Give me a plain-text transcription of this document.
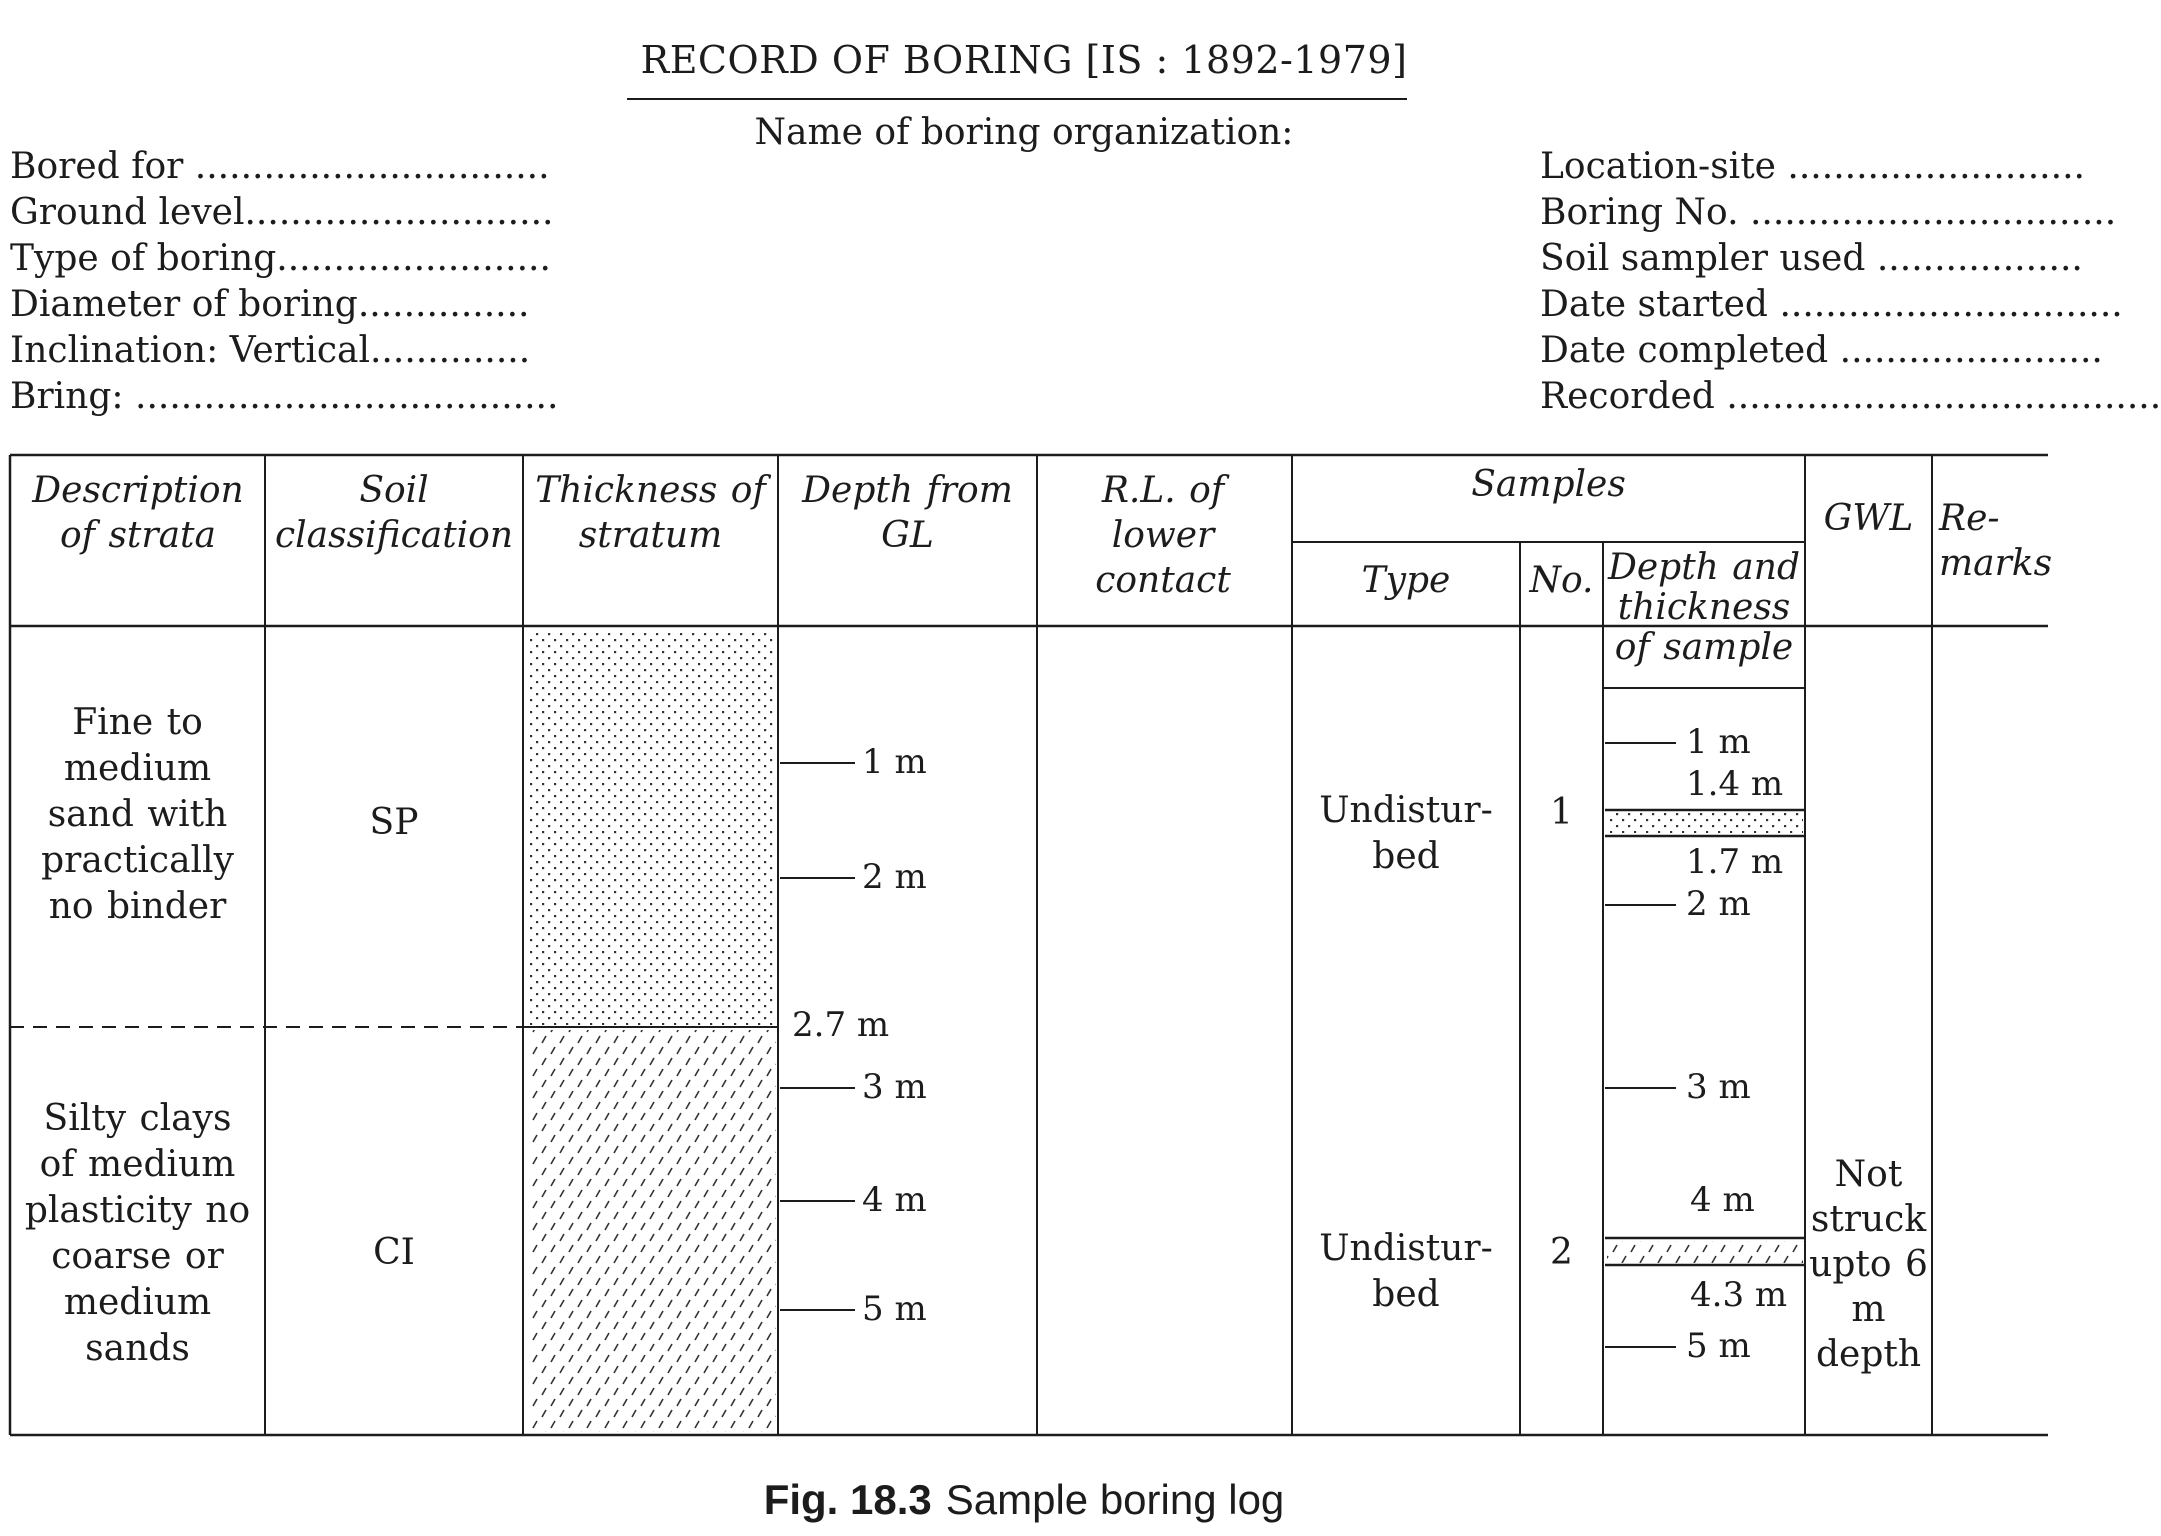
RECORD OF BORING [IS : 1892-1979]
Name of boring organization:
Bored for ...............................
Ground level...........................
Type of boring........................
Diameter of boring...............
Inclination: Vertical..............
Bring: .....................................
Location-site ..........................
Boring No. ................................
Soil sampler used ..................
Date started ..............................
Date completed .......................
Recorded ......................................
Description of strata
Soil classification
Thickness of stratum
Depth from GL
R.L. of lower contact
Samples
Type	No. Depth and thickness of sample
GWL Re- marks
Fine to medium sand with practically no binder
SP
Silty clays of medium plasticity no coarse or medium sands
CI
1 m
2 m
2.7 m
3 m
4 m
5 m
Undistur- bed
1
Undistur- bed
2
1 m
1.4 m
1.7 m
2 m
3 m
4 m
4.3 m
5 m
Not struck upto 6 m depth
Fig. 18.3 Sample boring log
